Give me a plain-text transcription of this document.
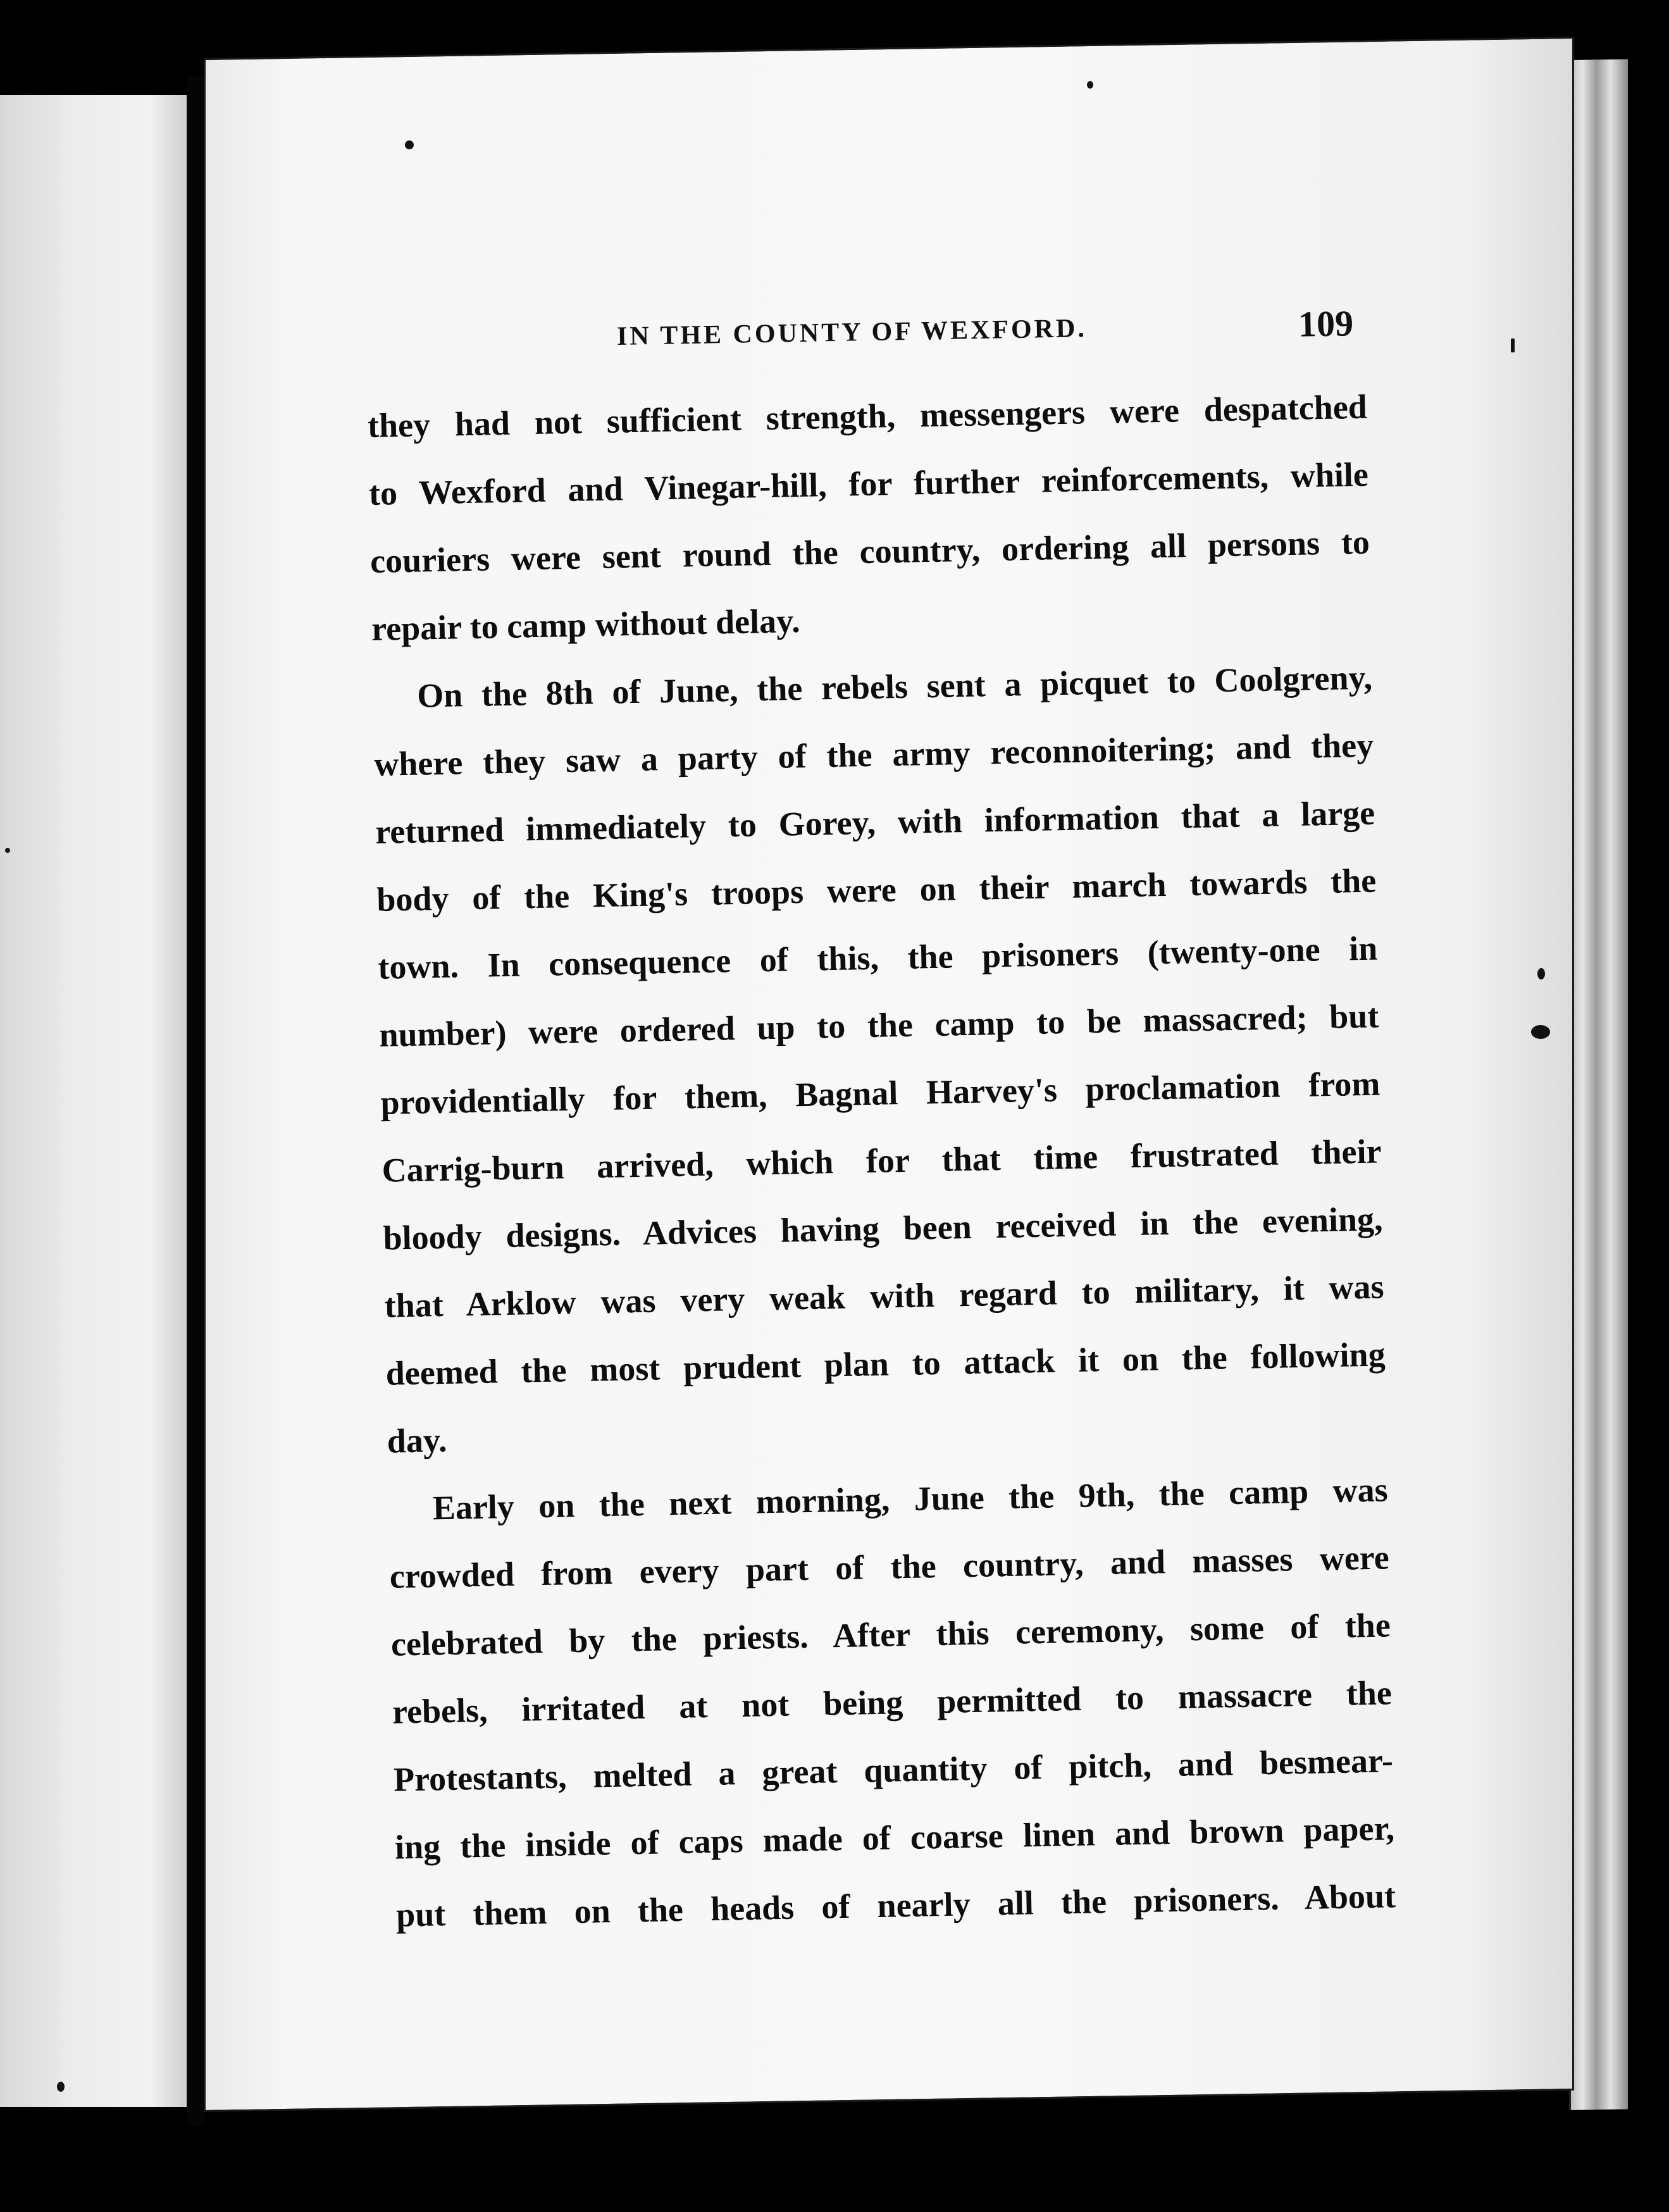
IN THE COUNTY OF WEXFORD.	109
they had not sufficient strength, messengers were despatched
to Wexford and Vinegar-hill, for further reinforcements, while
couriers were sent round the country, ordering all persons to
repair to camp without delay.
On the 8th of June, the rebels sent a picquet to Coolgreny,
where they saw a party of the army reconnoitering; and they
returned immediately to Gorey, with information that a large
body of the King's troops were on their march towards the
town. In consequence of this, the prisoners (twenty-one in
number) were ordered up to the camp to be massacred; but
providentially for them, Bagnal Harvey's proclamation from
Carrig-burn arrived, which for that time frustrated their
bloody designs. Advices having been received in the evening,
that Arklow was very weak with regard to military, it was
deemed the most prudent plan to attack it on the following
day.
Early on the next morning, June the 9th, the camp was
crowded from every part of the country, and masses were
celebrated by the priests. After this ceremony, some of the
rebels, irritated at not being permitted to massacre the
Protestants, melted a great quantity of pitch, and besmear-
ing the inside of caps made of coarse linen and brown paper,
put them on the heads of nearly all the prisoners. About
